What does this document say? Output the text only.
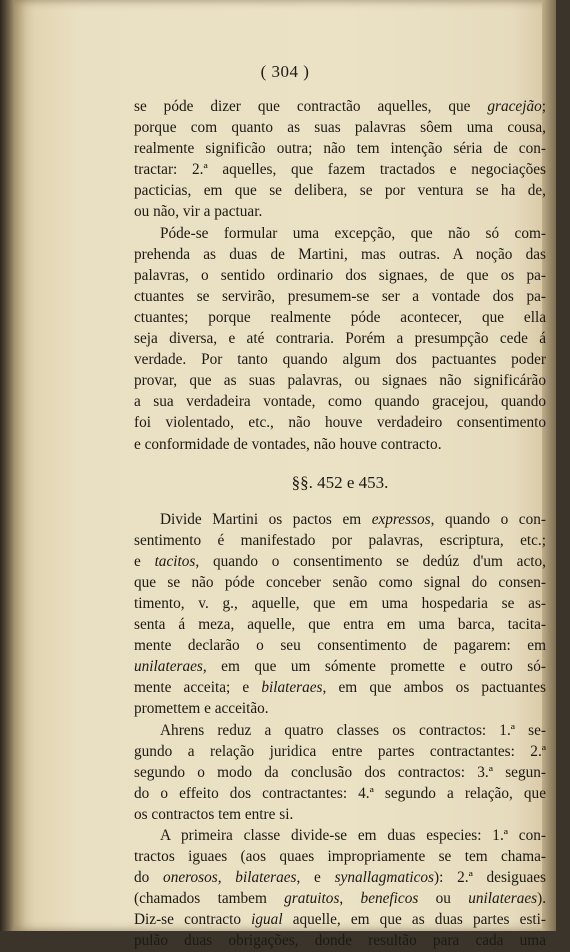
( 304 )
se póde dizer que contractão aquelles, que gracejão;
porque com quanto as suas palavras sôem uma cousa,
realmente significão outra; não tem intenção séria de con-
tractar: 2.ª aquelles, que fazem tractados e negociações
pacticias, em que se delibera, se por ventura se ha de,
ou não, vir a pactuar.
Póde-se formular uma excepção, que não só com-
prehenda as duas de Martini, mas outras. A noção das
palavras, o sentido ordinario dos signaes, de que os pa-
ctuantes se servirão, presumem-se ser a vontade dos pa-
ctuantes; porque realmente póde acontecer, que ella
seja diversa, e até contraria. Porém a presumpção cede á
verdade. Por tanto quando algum dos pactuantes poder
provar, que as suas palavras, ou signaes não significárão
a sua verdadeira vontade, como quando gracejou, quando
foi violentado, etc., não houve verdadeiro consentimento
e conformidade de vontades, não houve contracto.
§§. 452 e 453.
Divide Martini os pactos em expressos, quando o con-
sentimento é manifestado por palavras, escriptura, etc.;
e tacitos, quando o consentimento se dedúz d'um acto,
que se não póde conceber senão como signal do consen-
timento, v. g., aquelle, que em uma hospedaria se as-
senta á meza, aquelle, que entra em uma barca, tacita-
mente declarão o seu consentimento de pagarem: em
unilateraes, em que um sómente promette e outro só-
mente acceita; e bilateraes, em que ambos os pactuantes
promettem e acceitão.
Ahrens reduz a quatro classes os contractos: 1.ª se-
gundo a relação juridica entre partes contractantes: 2.ª
segundo o modo da conclusão dos contractos: 3.ª segun-
do o effeito dos contractantes: 4.ª segundo a relação, que
os contractos tem entre si.
A primeira classe divide-se em duas especies: 1.ª con-
tractos iguaes (aos quaes impropriamente se tem chama-
do onerosos, bilateraes, e synallagmaticos): 2.ª desiguaes
(chamados tambem gratuitos, beneficos ou unilateraes).
Diz-se contracto igual aquelle, em que as duas partes esti-
pulão duas obrigações, donde resultão para cada uma
